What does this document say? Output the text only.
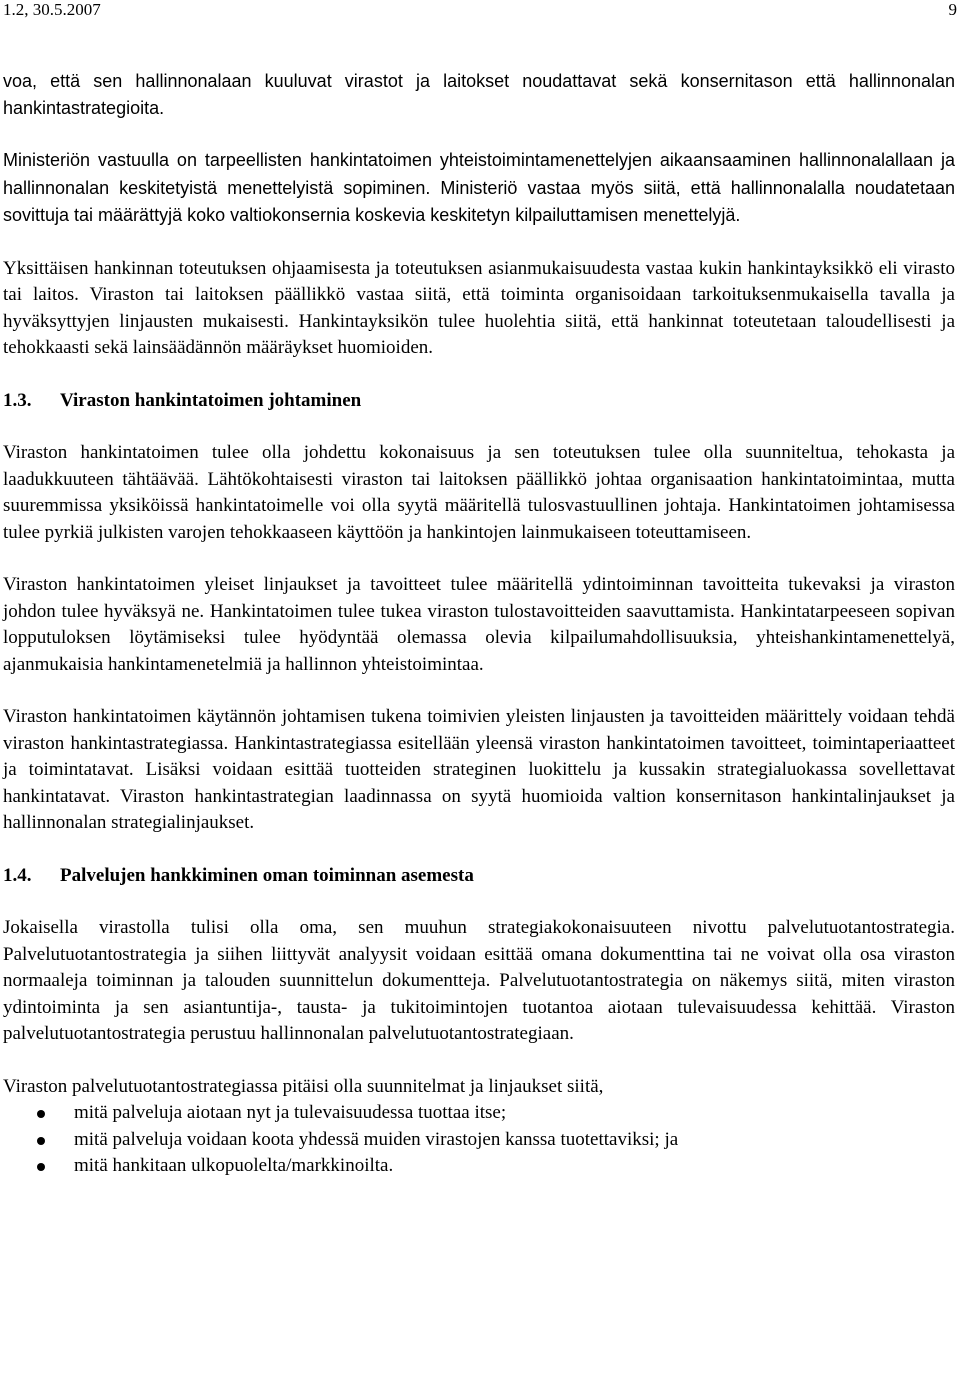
1.2, 30.5.2007	9

voa, että sen hallinnonalaan kuuluvat virastot ja laitokset noudattavat sekä konsernitason että hallinnonalan hankintastrategioita.

Ministeriön vastuulla on tarpeellisten hankintatoimen yhteistoimintamenettelyjen aikaansaaminen hallinnonalallaan ja hallinnonalan keskitetyistä menettelyistä sopiminen. Ministeriö vastaa myös siitä, että hallinnonalalla noudatetaan sovittuja tai määrättyjä koko valtiokonsernia koskevia keskitetyn kilpailuttamisen menettelyjä.

Yksittäisen hankinnan toteutuksen ohjaamisesta ja toteutuksen asianmukaisuudesta vastaa kukin hankintayksikkö eli virasto tai laitos. Viraston tai laitoksen päällikkö vastaa siitä, että toiminta organisoidaan tarkoituksenmukaisella tavalla ja hyväksyttyjen linjausten mukaisesti. Hankintayksikön tulee huolehtia siitä, että hankinnat toteutetaan taloudellisesti ja tehokkaasti sekä lainsäädännön määräykset huomioiden.

1.3.	Viraston hankintatoimen johtaminen

Viraston hankintatoimen tulee olla johdettu kokonaisuus ja sen toteutuksen tulee olla suunniteltua, tehokasta ja laadukkuuteen tähtäävää. Lähtökohtaisesti viraston tai laitoksen päällikkö johtaa organisaation hankintatoimintaa, mutta suuremmissa yksiköissä hankintatoimelle voi olla syytä määritellä tulosvastuullinen johtaja. Hankintatoimen johtamisessa tulee pyrkiä julkisten varojen tehokkaaseen käyttöön ja hankintojen lainmukaiseen toteuttamiseen.

Viraston hankintatoimen yleiset linjaukset ja tavoitteet tulee määritellä ydintoiminnan tavoitteita tukevaksi ja viraston johdon tulee hyväksyä ne. Hankintatoimen tulee tukea viraston tulostavoitteiden saavuttamista. Hankintatarpeeseen sopivan lopputuloksen löytämiseksi tulee hyödyntää olemassa olevia kilpailumahdollisuuksia, yhteishankintamenettelyä, ajanmukaisia hankintamenetelmiä ja hallinnon yhteistoimintaa.

Viraston hankintatoimen käytännön johtamisen tukena toimivien yleisten linjausten ja tavoitteiden määrittely voidaan tehdä viraston hankintastrategiassa. Hankintastrategiassa esitellään yleensä viraston hankintatoimen tavoitteet, toimintaperiaatteet ja toimintatavat. Lisäksi voidaan esittää tuotteiden strateginen luokittelu ja kussakin strategialuokassa sovellettavat hankintatavat. Viraston hankintastrategian laadinnassa on syytä huomioida valtion konsernitason hankintalinjaukset ja hallinnonalan strategialinjaukset.

1.4.	Palvelujen hankkiminen oman toiminnan asemesta

Jokaisella virastolla tulisi olla oma, sen muuhun strategiakokonaisuuteen nivottu palvelutuotantostrategia. Palvelutuotantostrategia ja siihen liittyvät analyysit voidaan esittää omana dokumenttina tai ne voivat olla osa viraston normaaleja toiminnan ja talouden suunnittelun dokumentteja. Palvelutuotantostrategia on näkemys siitä, miten viraston ydintoiminta ja sen asiantuntija-, tausta- ja tukitoimintojen tuotantoa aiotaan tulevaisuudessa kehittää. Viraston palvelutuotantostrategia perustuu hallinnonalan palvelutuotantostrategiaan.

Viraston palvelutuotantostrategiassa pitäisi olla suunnitelmat ja linjaukset siitä,

mitä palveluja aiotaan nyt ja tulevaisuudessa tuottaa itse;
mitä palveluja voidaan koota yhdessä muiden virastojen kanssa tuotettaviksi; ja
mitä hankitaan ulkopuolelta/markkinoilta.
